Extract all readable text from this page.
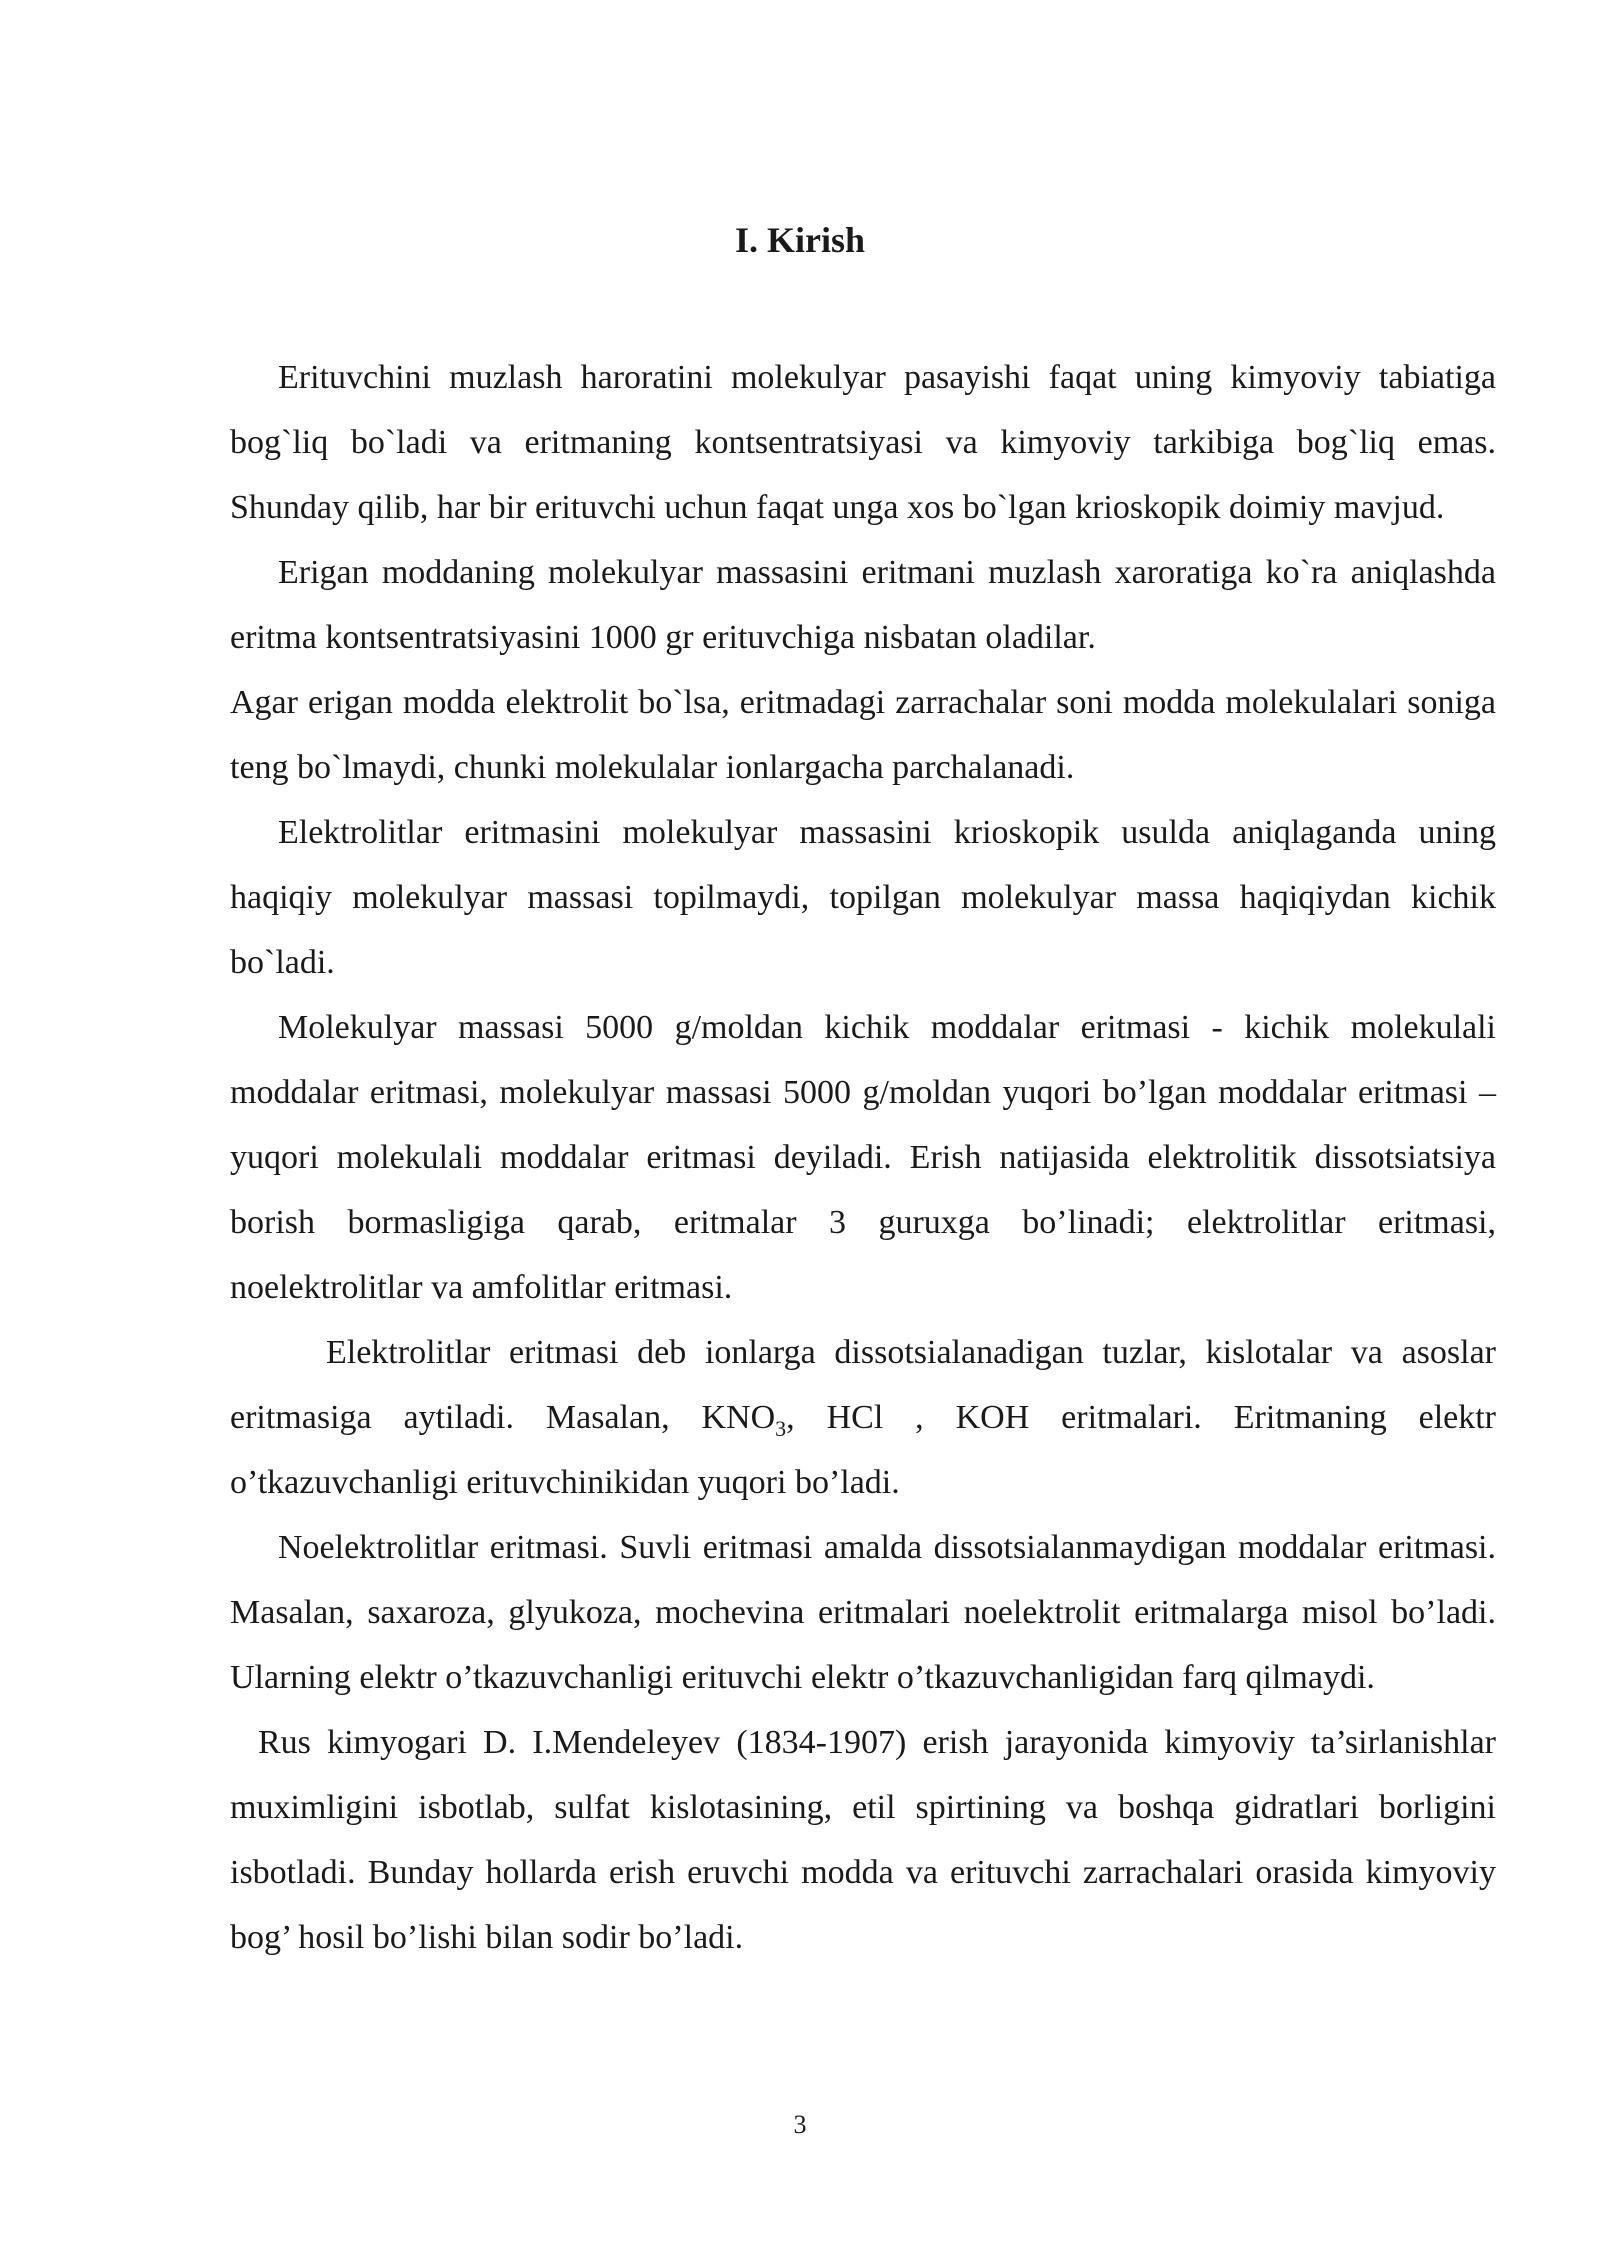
I. Kirish

Erituvchini muzlash haroratini molekulyar pasayishi faqat uning kimyoviy tabiatiga bog`liq bo`ladi va eritmaning kontsentratsiyasi va kimyoviy tarkibiga bog`liq emas. Shunday qilib, har bir erituvchi uchun faqat unga xos bo`lgan krioskopik doimiy mavjud.

Erigan moddaning molekulyar massasini eritmani muzlash xaroratiga ko`ra aniqlashda eritma kontsentratsiyasini 1000 gr erituvchiga nisbatan oladilar.

Agar erigan modda elektrolit bo`lsa, eritmadagi zarrachalar soni modda molekulalari soniga teng bo`lmaydi, chunki molekulalar ionlargacha parchalanadi.

Elektrolitlar eritmasini molekulyar massasini krioskopik usulda aniqlaganda uning haqiqiy molekulyar massasi topilmaydi, topilgan molekulyar massa haqiqiydan kichik bo`ladi.

Molekulyar massasi 5000 g/moldan kichik moddalar eritmasi - kichik molekulali moddalar eritmasi, molekulyar massasi 5000 g/moldan yuqori bo’lgan moddalar eritmasi – yuqori molekulali moddalar eritmasi deyiladi. Erish natijasida elektrolitik dissotsiatsiya borish bormasligiga qarab, eritmalar 3 guruxga bo’linadi; elektrolitlar eritmasi, noelektrolitlar va amfolitlar eritmasi.

Elektrolitlar eritmasi deb ionlarga dissotsialanadigan tuzlar, kislotalar va asoslar eritmasiga aytiladi. Masalan, $KNO_3$, HCl , KOH eritmalari. Eritmaning elektr o’tkazuvchanligi erituvchinikidan yuqori bo’ladi.

Noelektrolitlar eritmasi. Suvli eritmasi amalda dissotsialanmaydigan moddalar eritmasi. Masalan, saxaroza, glyukoza, mochevina eritmalari noelektrolit eritmalarga misol bo’ladi. Ularning elektr o’tkazuvchanligi erituvchi elektr o’tkazuvchanligidan farq qilmaydi.

Rus kimyogari D. I.Mendeleyev (1834-1907) erish jarayonida kimyoviy ta’sirlanishlar muximligini isbotlab, sulfat kislotasining, etil spirtining va boshqa gidratlari borligini isbotladi. Bunday hollarda erish eruvchi modda va erituvchi zarrachalari orasida kimyoviy bog’ hosil bo’lishi bilan sodir bo’ladi.

3
